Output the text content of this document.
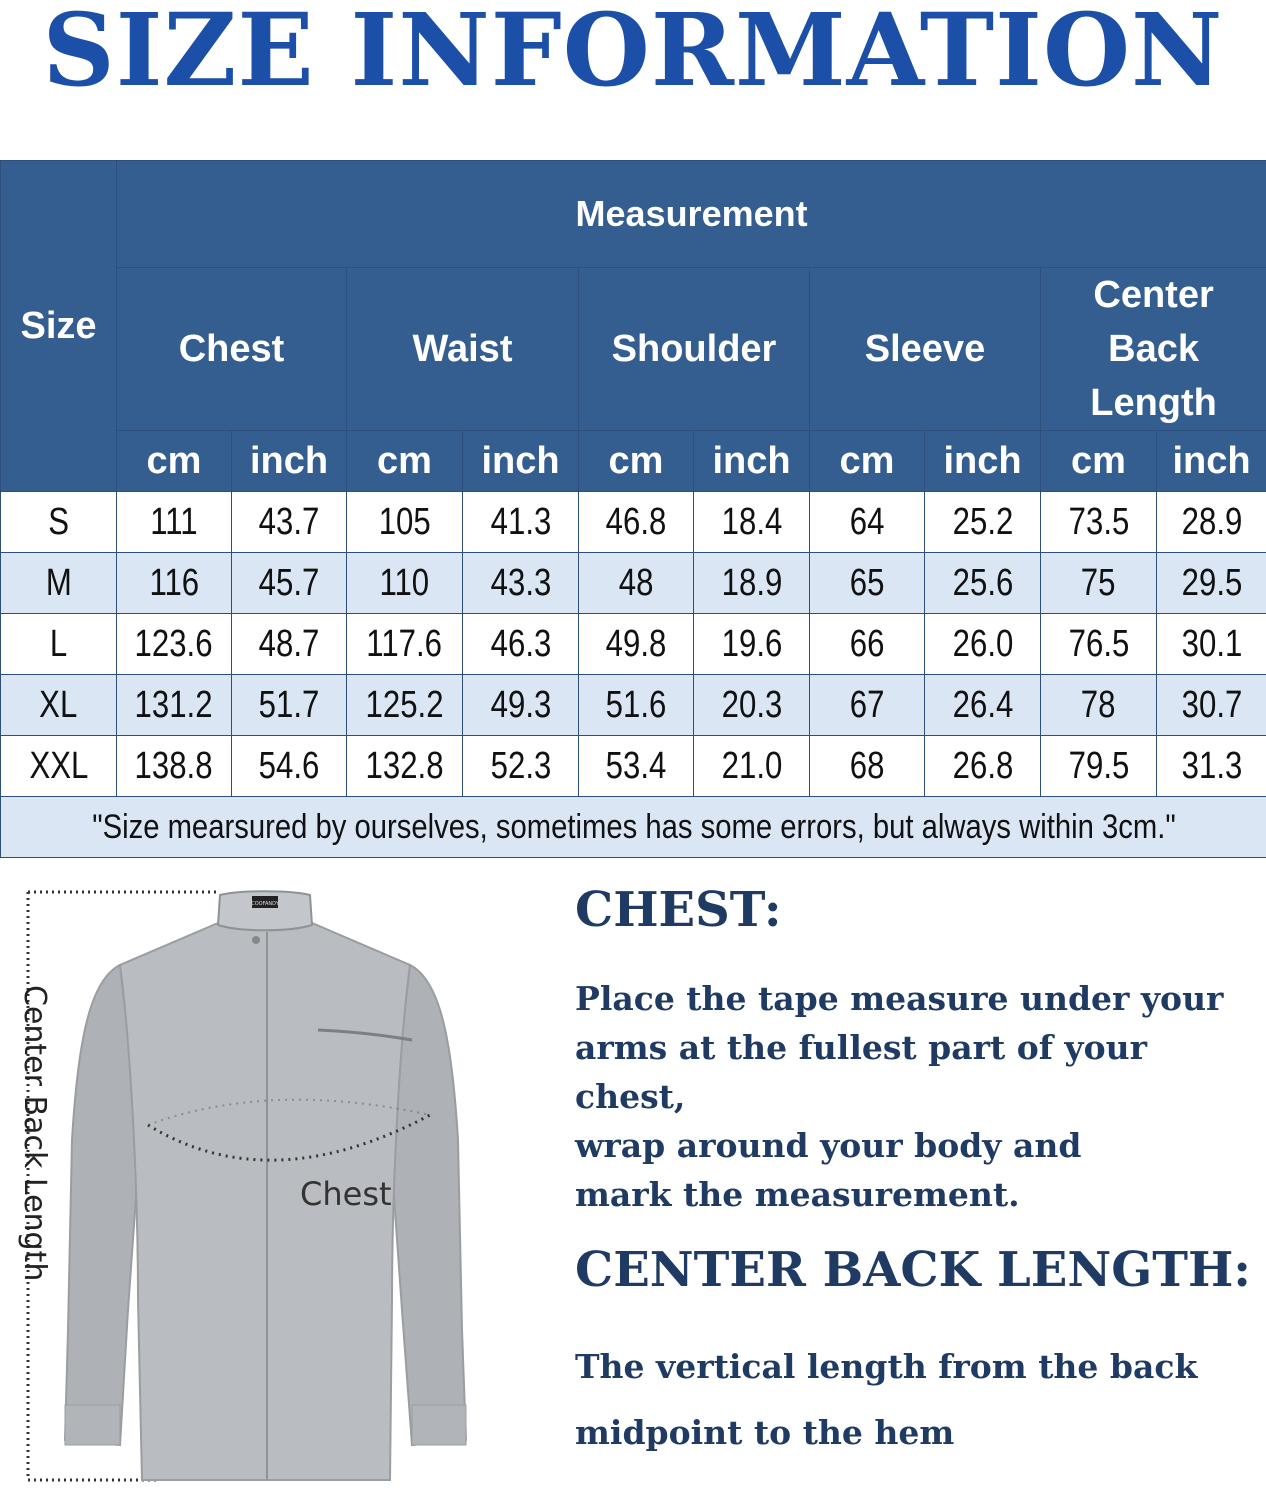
SIZE INFORMATION
Size	Measurement									
	Chest		Waist		Shoulder		Sleeve		Center Back Length	
	cm	inch	cm	inch	cm	inch	cm	inch	cm	inch
S	111	43.7	105	41.3	46.8	18.4	64	25.2	73.5	28.9
M	116	45.7	110	43.3	48	18.9	65	25.6	75	29.5
L	123.6	48.7	117.6	46.3	49.8	19.6	66	26.0	76.5	30.1
XL	131.2	51.7	125.2	49.3	51.6	20.3	67	26.4	78	30.7
XXL	138.8	54.6	132.8	52.3	53.4	21.0	68	26.8	79.5	31.3
"Size mearsured by ourselves, sometimes has some errors, but always within 3cm."										
COOFANDY
Center Back Length	Chest
CHEST:
Place the tape measure under your
arms at the fullest part of your chest,
wrap around your body and
mark the measurement.
CENTER BACK LENGTH:
The vertical length from the back
midpoint to the hem
